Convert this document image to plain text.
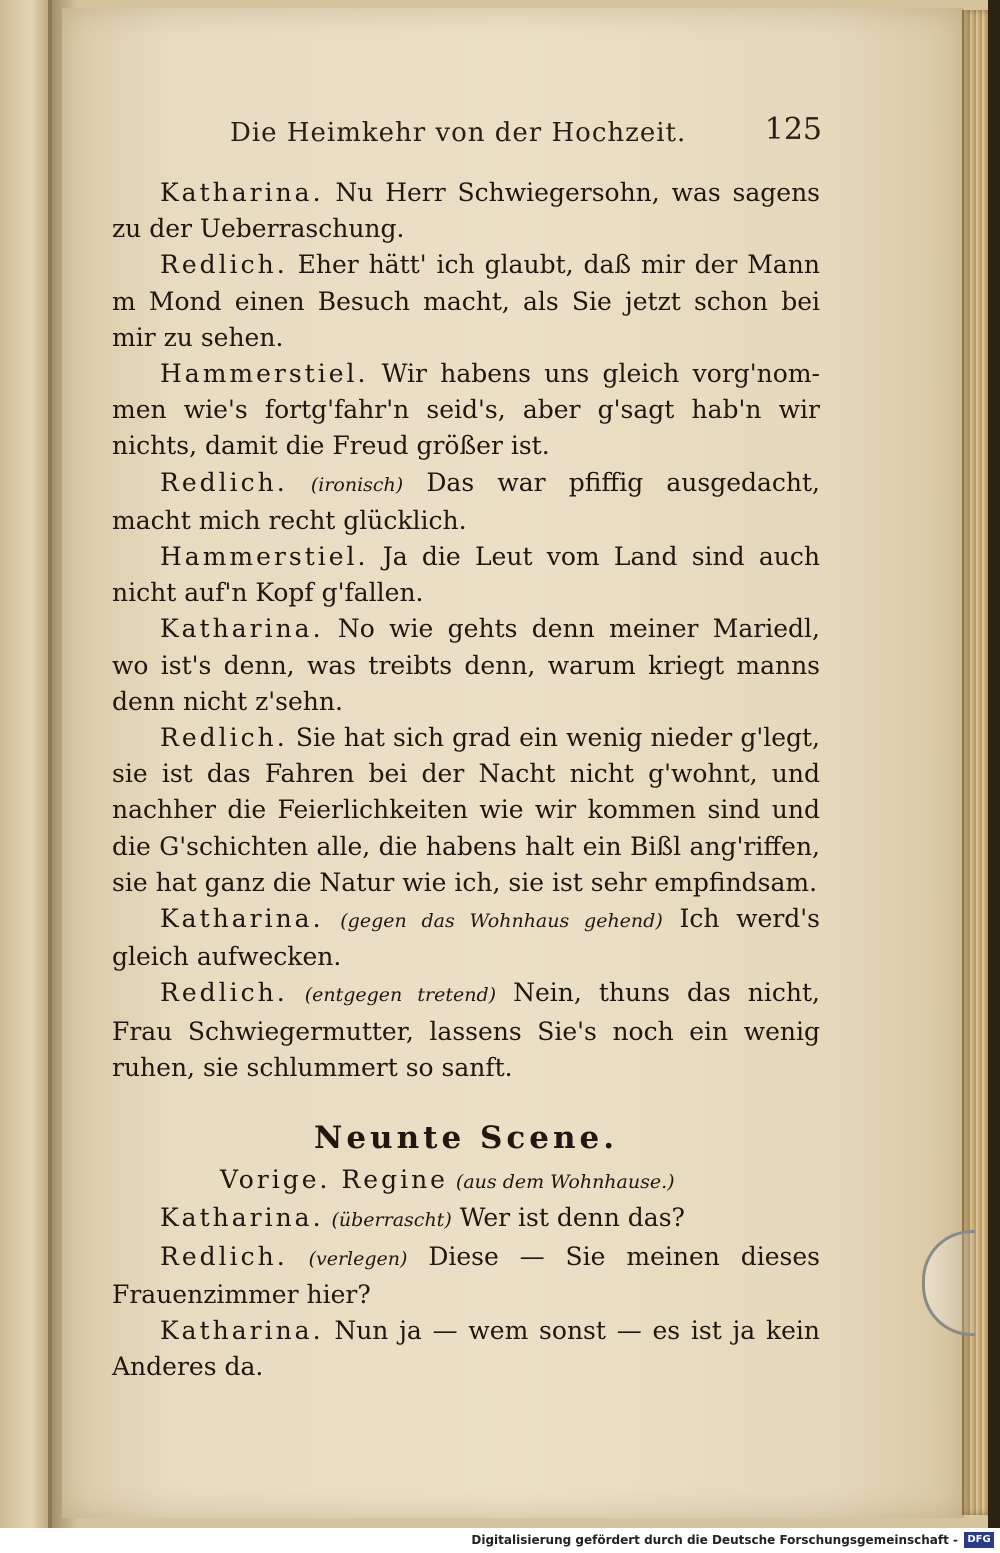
Die Heimkehr von der Hochzeit.	125

Katharina. Nu Herr Schwiegersohn, was sagens zu der Ueberraschung.

Redlich. Eher hätt' ich glaubt, daß mir der Mann m Mond einen Besuch macht, als Sie jetzt schon bei mir zu sehen.

Hammerstiel. Wir habens uns gleich vorg'nom- men wie's fortg'fahr'n seid's, aber g'sagt hab'n wir nichts, damit die Freud größer ist.

Redlich. (ironisch) Das war pfiffig ausgedacht, macht mich recht glücklich.

Hammerstiel. Ja die Leut vom Land sind auch nicht auf'n Kopf g'fallen.

Katharina. No wie gehts denn meiner Mariedl, wo ist's denn, was treibts denn, warum kriegt manns denn nicht z'sehn.

Redlich. Sie hat sich grad ein wenig nieder g'legt, sie ist das Fahren bei der Nacht nicht g'wohnt, und nachher die Feierlichkeiten wie wir kommen sind und die G'schichten alle, die habens halt ein Bißl ang'riffen, sie hat ganz die Natur wie ich, sie ist sehr empfindsam.

Katharina. (gegen das Wohnhaus gehend) Ich werd's gleich aufwecken.

Redlich. (entgegen tretend) Nein, thuns das nicht, Frau Schwiegermutter, lassens Sie's noch ein wenig ruhen, sie schlummert so sanft.

Neunte Scene.

Vorige. Regine (aus dem Wohnhause.)

Katharina. (überrascht) Wer ist denn das?

Redlich. (verlegen) Diese — Sie meinen dieses Frauenzimmer hier?

Katharina. Nun ja — wem sonst — es ist ja kein Anderes da.

Digitalisierung gefördert durch die Deutsche Forschungsgemeinschaft - DFG
